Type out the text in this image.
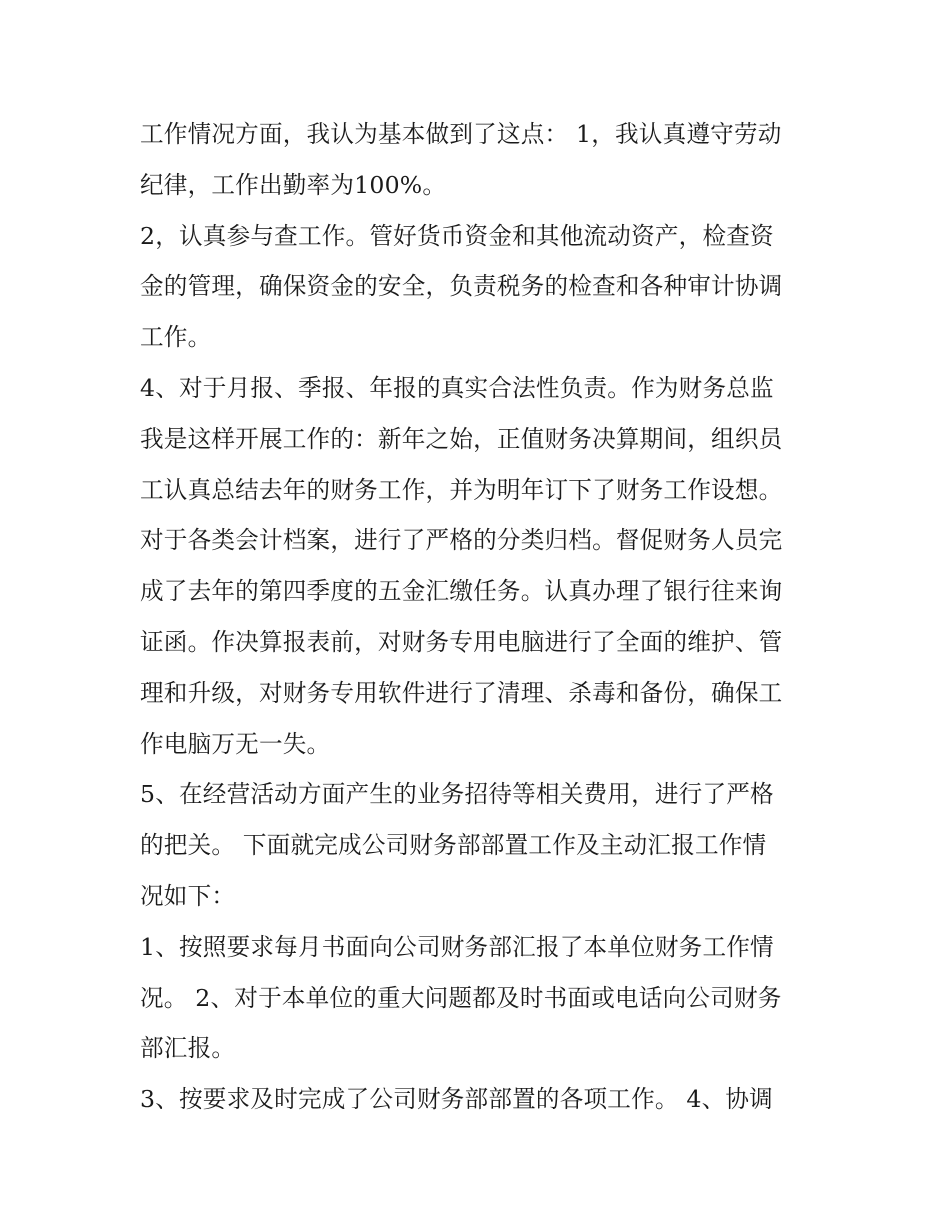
工作情况方面，我认为基本做到了这点： 1，我认真遵守劳动
纪律，工作出勤率为100%。
2，认真参与查工作。管好货币资金和其他流动资产，检查资
金的管理，确保资金的安全，负责税务的检查和各种审计协调
工作。
4、对于月报、季报、年报的真实合法性负责。作为财务总监
我是这样开展工作的：新年之始，正值财务决算期间，组织员
工认真总结去年的财务工作，并为明年订下了财务工作设想。
对于各类会计档案，进行了严格的分类归档。督促财务人员完
成了去年的第四季度的五金汇缴任务。认真办理了银行往来询
证函。作决算报表前，对财务专用电脑进行了全面的维护、管
理和升级，对财务专用软件进行了清理、杀毒和备份，确保工
作电脑万无一失。
5、在经营活动方面产生的业务招待等相关费用，进行了严格
的把关。 下面就完成公司财务部部置工作及主动汇报工作情
况如下：
1、按照要求每月书面向公司财务部汇报了本单位财务工作情
况。 2、对于本单位的重大问题都及时书面或电话向公司财务
部汇报。
3、按要求及时完成了公司财务部部置的各项工作。 4、协调
